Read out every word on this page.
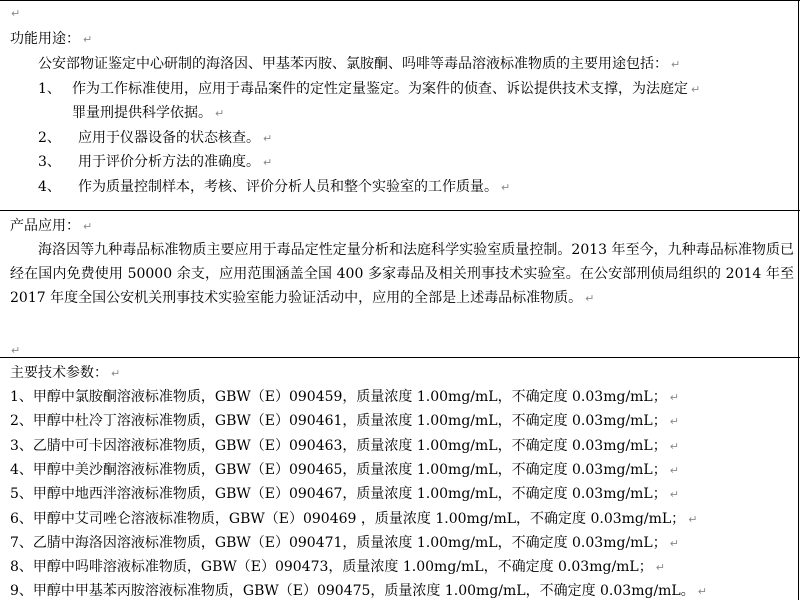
↵
功能用途： ↵
公安部物证鉴定中心研制的海洛因、甲基苯丙胺、氯胺酮、吗啡等毒品溶液标准物质的主要用途包括： ↵
1、 作为工作标准使用，应用于毒品案件的定性定量鉴定。为案件的侦查、诉讼提供技术支撑，为法庭定 ↵
罪量刑提供科学依据。 ↵
2、 应用于仪器设备的状态核查。 ↵
3、 用于评价分析方法的准确度。 ↵
4、 作为质量控制样本，考核、评价分析人员和整个实验室的工作质量。 ↵
产品应用： ↵
海洛因等九种毒品标准物质主要应用于毒品定性定量分析和法庭科学实验室质量控制。2013 年至今，九种毒品标准物质已经在国内免费使用 50000 余支，应用范围涵盖全国 400 多家毒品及相关刑事技术实验室。在公安部刑侦局组织的 2014 年至 2017 年度全国公安机关刑事技术实验室能力验证活动中，应用的全部是上述毒品标准物质。 ↵
↵
主要技术参数： ↵
1、甲醇中氯胺酮溶液标准物质，GBW（E）090459，质量浓度 1.00mg/mL，不确定度 0.03mg/mL； ↵
2、甲醇中杜冷丁溶液标准物质，GBW（E）090461，质量浓度 1.00mg/mL，不确定度 0.03mg/mL； ↵
3、乙腈中可卡因溶液标准物质，GBW（E）090463，质量浓度 1.00mg/mL，不确定度 0.03mg/mL； ↵
4、甲醇中美沙酮溶液标准物质，GBW（E）090465，质量浓度 1.00mg/mL，不确定度 0.03mg/mL； ↵
5、甲醇中地西泮溶液标准物质，GBW（E）090467，质量浓度 1.00mg/mL，不确定度 0.03mg/mL； ↵
6、甲醇中艾司唑仑溶液标准物质，GBW（E）090469 ，质量浓度 1.00mg/mL，不确定度 0.03mg/mL； ↵
7、乙腈中海洛因溶液标准物质，GBW（E）090471，质量浓度 1.00mg/mL，不确定度 0.03mg/mL； ↵
8、甲醇中吗啡溶液标准物质，GBW（E）090473，质量浓度 1.00mg/mL，不确定度 0.03mg/mL； ↵
9、甲醇中甲基苯丙胺溶液标准物质，GBW（E）090475，质量浓度 1.00mg/mL，不确定度 0.03mg/mL。 ↵
